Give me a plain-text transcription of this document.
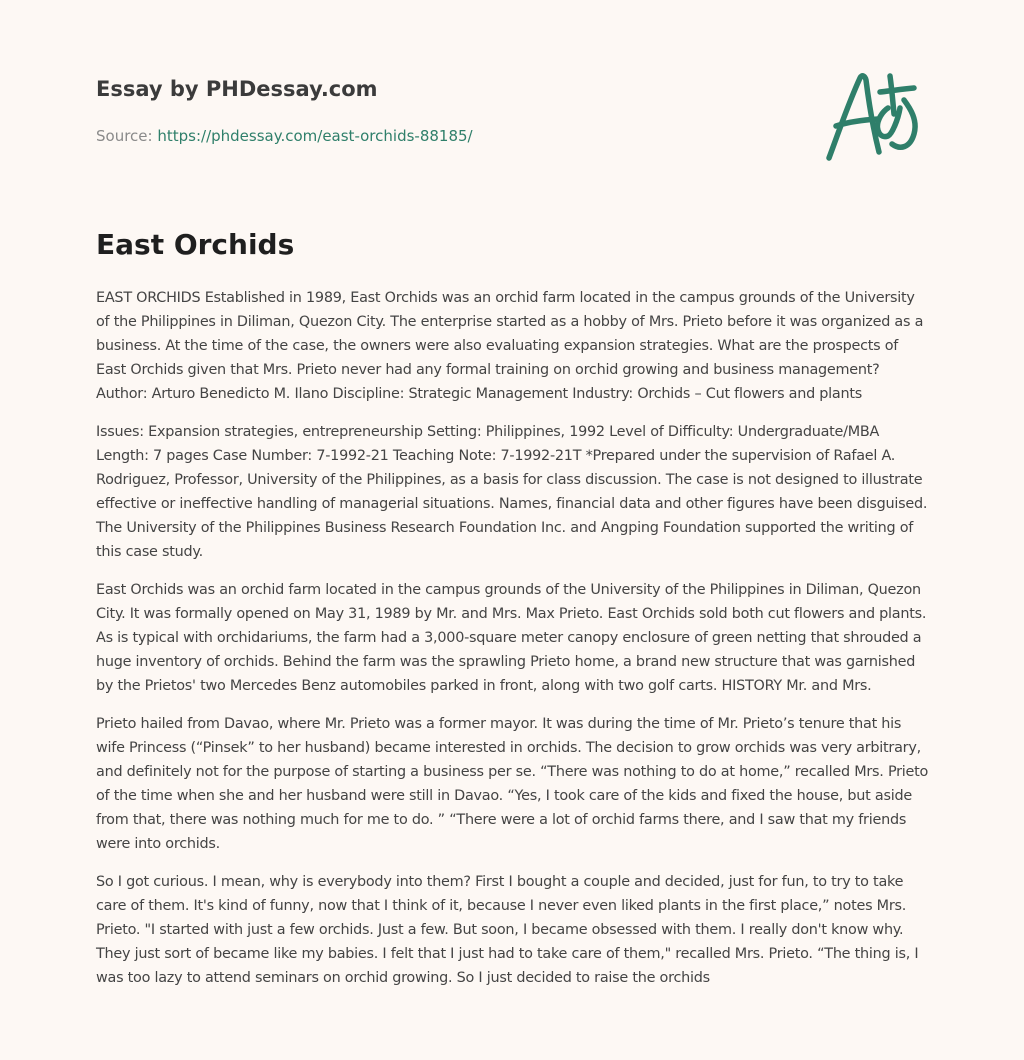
Essay by PHDessay.com
Source: https://phdessay.com/east-orchids-88185/
East Orchids

EAST ORCHIDS Established in 1989, East Orchids was an orchid farm located in the campus grounds of the University of the Philippines in Diliman, Quezon City. The enterprise started as a hobby of Mrs. Prieto before it was organized as a business. At the time of the case, the owners were also evaluating expansion strategies. What are the prospects of East Orchids given that Mrs. Prieto never had any formal training on orchid growing and business management? Author: Arturo Benedicto M. Ilano Discipline: Strategic Management Industry: Orchids – Cut flowers and plants

Issues: Expansion strategies, entrepreneurship Setting: Philippines, 1992 Level of Difficulty: Undergraduate/MBA Length: 7 pages Case Number: 7-1992-21 Teaching Note: 7-1992-21T *Prepared under the supervision of Rafael A. Rodriguez, Professor, University of the Philippines, as a basis for class discussion. The case is not designed to illustrate effective or ineffective handling of managerial situations. Names, financial data and other figures have been disguised. The University of the Philippines Business Research Foundation Inc. and Angping Foundation supported the writing of this case study.

East Orchids was an orchid farm located in the campus grounds of the University of the Philippines in Diliman, Quezon City. It was formally opened on May 31, 1989 by Mr. and Mrs. Max Prieto. East Orchids sold both cut flowers and plants. As is typical with orchidariums, the farm had a 3,000-square meter canopy enclosure of green netting that shrouded a huge inventory of orchids. Behind the farm was the sprawling Prieto home, a brand new structure that was garnished by the Prietos' two Mercedes Benz automobiles parked in front, along with two golf carts. HISTORY Mr. and Mrs.

Prieto hailed from Davao, where Mr. Prieto was a former mayor. It was during the time of Mr. Prieto’s tenure that his wife Princess (“Pinsek” to her husband) became interested in orchids. The decision to grow orchids was very arbitrary, and definitely not for the purpose of starting a business per se. “There was nothing to do at home,” recalled Mrs. Prieto of the time when she and her husband were still in Davao. “Yes, I took care of the kids and fixed the house, but aside from that, there was nothing much for me to do. ” “There were a lot of orchid farms there, and I saw that my friends were into orchids.

So I got curious. I mean, why is everybody into them? First I bought a couple and decided, just for fun, to try to take care of them. It's kind of funny, now that I think of it, because I never even liked plants in the first place,” notes Mrs. Prieto. "I started with just a few orchids. Just a few. But soon, I became obsessed with them. I really don't know why. They just sort of became like my babies. I felt that I just had to take care of them," recalled Mrs. Prieto. “The thing is, I was too lazy to attend seminars on orchid growing. So I just decided to raise the orchids
